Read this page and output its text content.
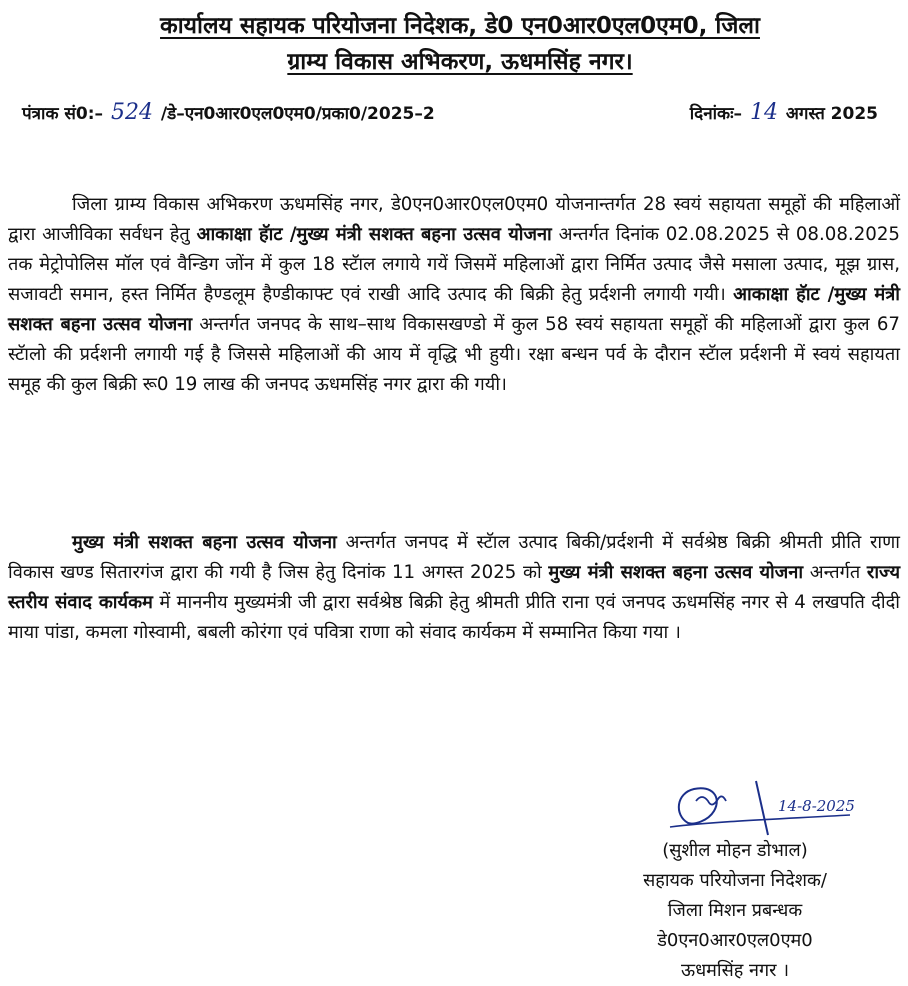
कार्यालय सहायक परियोजना निदेशक, डे0 एन0आर0एल0एम0, जिला
ग्राम्य विकास अभिकरण, ऊधमसिंह नगर।
पंत्राक सं0:– 524 /डे–एन0आर0एल0एम0/प्रका0/2025–2	दिनांकः– 14 अगस्त 2025

जिला ग्राम्य विकास अभिकरण ऊधमसिंह नगर, डे0एन0आर0एल0एम0 योजनान्तर्गत 28 स्वयं सहायता समूहों की महिलाओं द्वारा आजीविका सर्वधन हेतु आकाक्षा हॅाट /मुख्य मंत्री सशक्त बहना उत्सव योजना अन्तर्गत दिनांक 02.08.2025 से 08.08.2025 तक मेट्रोपोलिस मॉल एवं वैन्डिग जोंन में कुल 18 स्टॅाल लगाये गयें जिसमें महिलाओं द्वारा निर्मित उत्पाद जैसे मसाला उत्पाद, मूझ ग्रास, सजावटी समान, हस्त निर्मित हैण्डलूम हैण्डीकाफ्ट एवं राखी आदि उत्पाद की बिक्री हेतु प्रर्दशनी लगायी गयी। आकाक्षा हॅाट /मुख्य मंत्री सशक्त बहना उत्सव योजना अन्तर्गत जनपद के साथ–साथ विकासखण्डो में कुल 58 स्वयं सहायता समूहों की महिलाओं द्वारा कुल 67 स्टॅालो की प्रर्दशनी लगायी गई है जिससे महिलाओं की आय में वृद्धि भी हुयी। रक्षा बन्धन पर्व के दौरान स्टॅाल प्रर्दशनी में स्वयं सहायता समूह की कुल बिक्री रू0 19 लाख की जनपद ऊधमसिंह नगर द्वारा की गयी।

मुख्य मंत्री सशक्त बहना उत्सव योजना अन्तर्गत जनपद में स्टॅाल उत्पाद बिकी/प्रर्दशनी में सर्वश्रेष्ठ बिक्री श्रीमती प्रीति राणा विकास खण्ड सितारगंज द्वारा की गयी है जिस हेतु दिनांक 11 अगस्त 2025 को मुख्य मंत्री सशक्त बहना उत्सव योजना अन्तर्गत राज्य स्तरीय संवाद कार्यकम में माननीय मुख्यमंत्री जी द्वारा सर्वश्रेष्ठ बिक्री हेतु श्रीमती प्रीति राना एवं जनपद ऊधमसिंह नगर से 4 लखपति दीदी माया पांडा, कमला गोस्वामी, बबली कोरंगा एवं पवित्रा राणा को संवाद कार्यकम में सम्मानित किया गया ।

14-8-2025
(सुशील मोहन डोभाल)
सहायक परियोजना निदेशक/
जिला मिशन प्रबन्धक
डे0एन0आर0एल0एम0
ऊधमसिंह नगर ।
